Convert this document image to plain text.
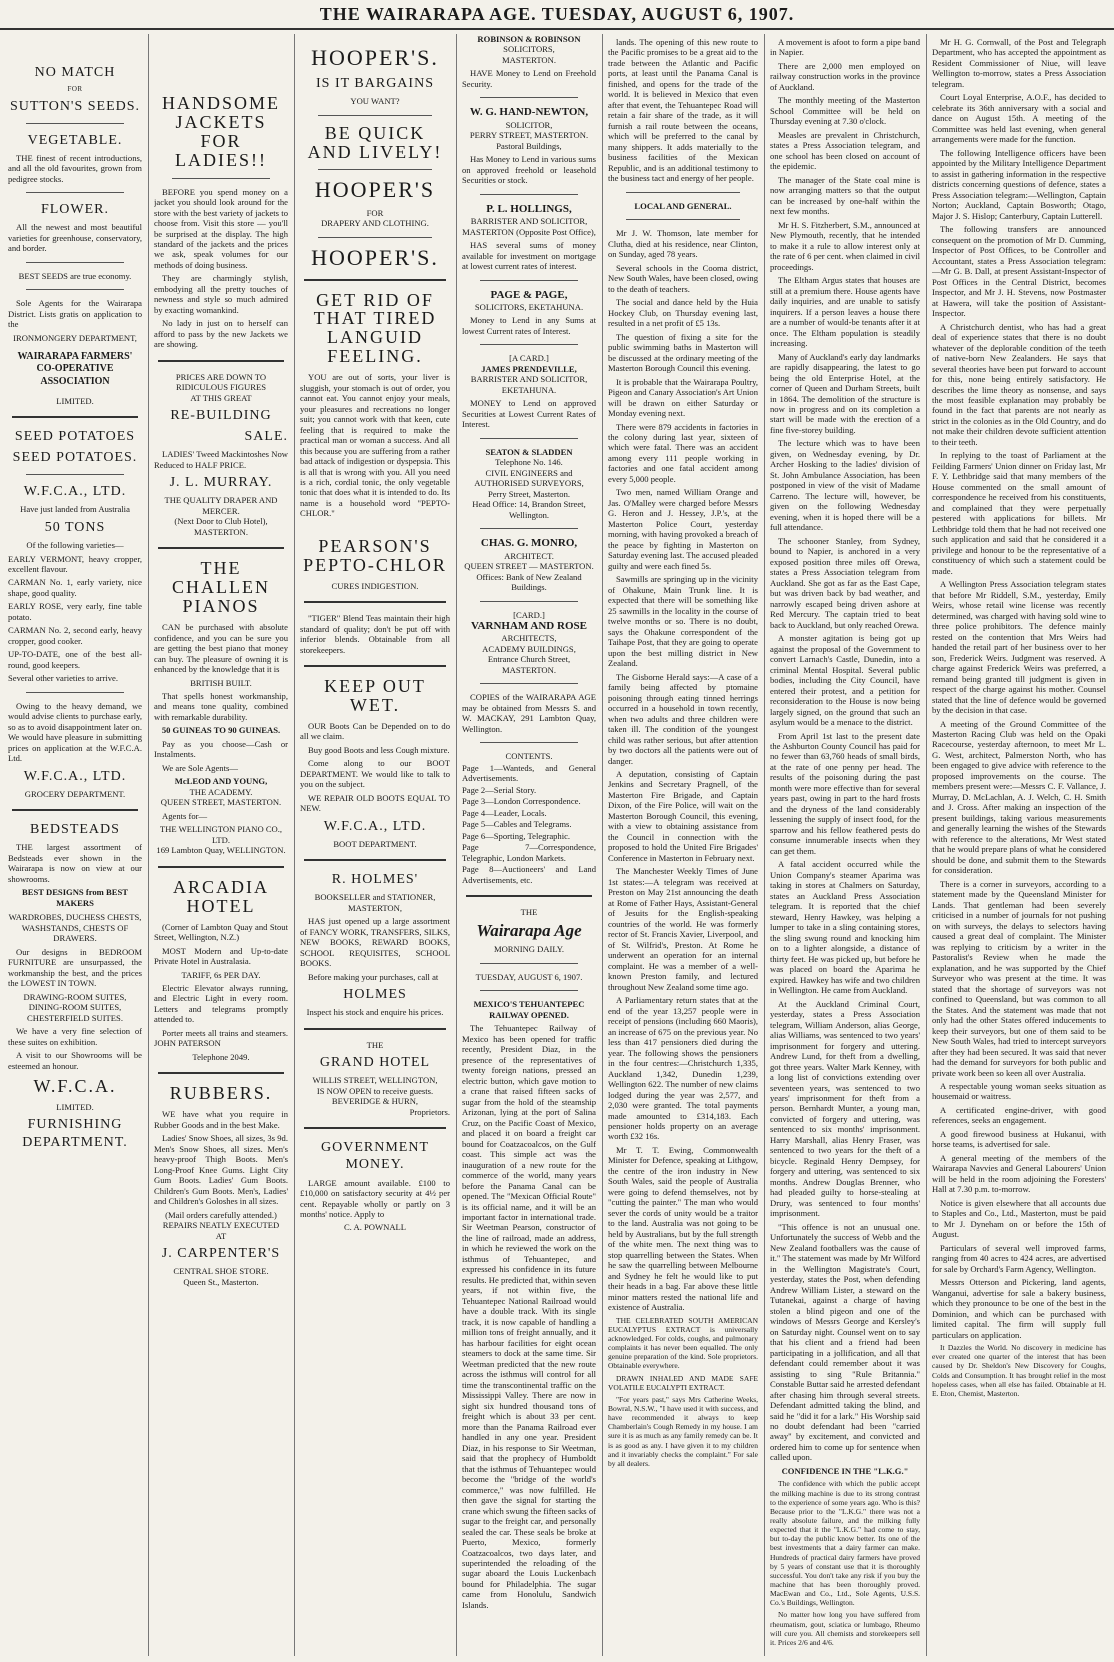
THE WAIRARAPA AGE. TUESDAY, AUGUST 6, 1907.
NO MATCH
FOR
SUTTON'S SEEDS.
VEGETABLE.

THE finest of recent introductions, and all the old favourites, grown from pedigree stocks.

FLOWER.

All the newest and most beautiful varieties for greenhouse, conservatory, and border.

BEST SEEDS are true economy.

Sole Agents for the Wairarapa District. Lists gratis on application to the

IRONMONGERY DEPARTMENT,
WAIRARAPA FARMERS' CO-OPERATIVE ASSOCIATION
LIMITED.
SEED POTATOES
SEED POTATOES.
W.F.C.A., LTD.
Have just landed from Australia
50 TONS
Of the following varieties—

EARLY VERMONT, heavy cropper, excellent flavour.

CARMAN No. 1, early variety, nice shape, good quality.

EARLY ROSE, very early, fine table potato.

CARMAN No. 2, second early, heavy cropper, good cooker.

UP-TO-DATE, one of the best all-round, good keepers.

Several other varieties to arrive.

Owing to the heavy demand, we would advise clients to purchase early, so as to avoid disappointment later on. We would have pleasure in submitting prices on application at the W.F.C.A. Ltd.

W.F.C.A., LTD.
GROCERY DEPARTMENT.
BEDSTEADS

THE largest assortment of Bedsteads ever shown in the Wairarapa is now on view at our showrooms.

BEST DESIGNS from BEST MAKERS
WARDROBES, DUCHESS CHESTS, WASHSTANDS, CHESTS OF DRAWERS.

Our designs in BEDROOM FURNITURE are unsurpassed, the workmanship the best, and the prices the LOWEST IN TOWN.

DRAWING-ROOM SUITES, DINING-ROOM SUITES, CHESTERFIELD SUITES.

We have a very fine selection of these suites on exhibition.

A visit to our Showrooms will be esteemed an honour.

W.F.C.A.
LIMITED.
FURNISHING DEPARTMENT.
HANDSOME JACKETS FOR LADIES!!

BEFORE you spend money on a jacket you should look around for the store with the best variety of jackets to choose from. Visit this store — you'll be surprised at the display. The high standard of the jackets and the prices we ask, speak volumes for our methods of doing business.

They are charmingly stylish, embodying all the pretty touches of newness and style so much admired by exacting womankind.

No lady in just on to herself can afford to pass by the new Jackets we are showing.

PRICES ARE DOWN TO
RIDICULOUS FIGURES
AT THIS GREAT
RE-BUILDING
SALE.

LADIES' Tweed Mackintoshes Now Reduced to HALF PRICE.

J. L. MURRAY.
THE QUALITY DRAPER AND MERCER.
(Next Door to Club Hotel), MASTERTON.
THE CHALLEN PIANOS

CAN be purchased with absolute confidence, and you can be sure you are getting the best piano that money can buy. The pleasure of owning it is enhanced by the knowledge that it is

BRITISH BUILT.

That spells honest workmanship, and means tone quality, combined with remarkable durability.

50 GUINEAS TO 90 GUINEAS.

Pay as you choose—Cash or Instalments.

We are Sole Agents—

McLEOD AND YOUNG,
THE ACADEMY.
QUEEN STREET, MASTERTON.

Agents for—

THE WELLINGTON PIANO CO., LTD.
169 Lambton Quay, WELLINGTON.
ARCADIA HOTEL

(Corner of Lambton Quay and Stout Street, Wellington, N.Z.)

MOST Modern and Up-to-date Private Hotel in Australasia.

TARIFF, 6s PER DAY.

Electric Elevator always running, and Electric Light in every room. Letters and telegrams promptly attended to.

Porter meets all trains and steamers. JOHN PATERSON

Telephone 2049.
RUBBERS.

WE have what you require in Rubber Goods and in the best Make.

Ladies' Snow Shoes, all sizes, 3s 9d. Men's Snow Shoes, all sizes. Men's heavy-proof Thigh Boots. Men's Long-Proof Knee Gums. Light City Gum Boots. Ladies' Gum Boots. Children's Gum Boots. Men's, Ladies' and Children's Goloshes in all sizes.

(Mail orders carefully attended.)
REPAIRS NEATLY EXECUTED
AT
J. CARPENTER'S
CENTRAL SHOE STORE.
Queen St., Masterton.
HOOPER'S.
IS IT BARGAINS
YOU WANT?
BE QUICK AND LIVELY!
HOOPER'S
FOR
DRAPERY AND CLOTHING.
HOOPER'S.
GET RID OF THAT TIRED LANGUID FEELING.

YOU are out of sorts, your liver is sluggish, your stomach is out of order, you cannot eat. You cannot enjoy your meals, your pleasures and recreations no longer suit; you cannot work with that keen, cute feeling that is required to make the practical man or woman a success. And all this because you are suffering from a rather bad attack of indigestion or dyspepsia. This is all that is wrong with you. All you need is a rich, cordial tonic, the only vegetable tonic that does what it is intended to do. Its name is a household word "PEPTO-CHLOR."

PEARSON'S PEPTO-CHLOR
CURES INDIGESTION.

"TIGER" Blend Teas maintain their high standard of quality; don't be put off with inferior blends. Obtainable from all storekeepers.

KEEP OUT WET.

OUR Boots Can be Depended on to do all we claim.

Buy good Boots and less Cough mixture.

Come along to our BOOT DEPARTMENT. We would like to talk to you on the subject.

WE REPAIR OLD BOOTS EQUAL TO NEW.

W.F.C.A., LTD.
BOOT DEPARTMENT.
R. HOLMES'
BOOKSELLER and STATIONER,
MASTERTON,

HAS just opened up a large assortment of FANCY WORK, TRANSFERS, SILKS, NEW BOOKS, REWARD BOOKS, SCHOOL REQUISITES, SCHOOL BOOKS.

Before making your purchases, call at

HOLMES
Inspect his stock and enquire his prices.
THE
GRAND HOTEL
WILLIS STREET, WELLINGTON,
IS NOW OPEN to receive guests.
BEVERIDGE & HURN,
Proprietors.
GOVERNMENT MONEY.

LARGE amount available. £100 to £10,000 on satisfactory security at 4½ per cent. Repayable wholly or partly on 3 months' notice. Apply to

C. A. POWNALL
ROBINSON & ROBINSON
SOLICITORS,
MASTERTON.

HAVE Money to Lend on Freehold Security.

W. G. HAND-NEWTON,
SOLICITOR,
PERRY STREET, MASTERTON. Pastoral Buildings,

Has Money to Lend in various sums on approved freehold or leasehold Securities or stock.

P. L. HOLLINGS,
BARRISTER AND SOLICITOR,
MASTERTON (Opposite Post Office),

HAS several sums of money available for investment on mortgage at lowest current rates of interest.

PAGE & PAGE,
SOLICITORS, EKETAHUNA.

Money to Lend in any Sums at lowest Current rates of Interest.

[A CARD.]
JAMES PRENDEVILLE,
BARRISTER AND SOLICITOR,
EKETAHUNA.

MONEY to Lend on approved Securities at Lowest Current Rates of Interest.

SEATON & SLADDEN
Telephone No. 146.
CIVIL ENGINEERS and AUTHORISED SURVEYORS,
Perry Street, Masterton.
Head Office: 14, Brandon Street, Wellington.
CHAS. G. MONRO,
ARCHITECT.
QUEEN STREET — MASTERTON.
Offices: Bank of New Zealand Buildings.
[CARD.]
VARNHAM AND ROSE
ARCHITECTS,
ACADEMY BUILDINGS,
Entrance Church Street, MASTERTON.

COPIES of the WAIRARAPA AGE may be obtained from Messrs S. and W. MACKAY, 291 Lambton Quay, Wellington.

CONTENTS.
Page 1—Wanteds, and General Advertisements.
Page 2—Serial Story.
Page 3—London Correspondence.
Page 4—Leader, Locals.
Page 5—Cables and Telegrams.
Page 6—Sporting, Telegraphic.
Page 7—Correspondence, Telegraphic, London Markets.
Page 8—Auctioneers' and Land Advertisements, etc.
THE
Wairarapa Age
MORNING DAILY.
TUESDAY, AUGUST 6, 1907.
MEXICO'S TEHUANTEPEC RAILWAY OPENED.

The Tehuantepec Railway of Mexico has been opened for traffic recently, President Diaz, in the presence of the representatives of twenty foreign nations, pressed an electric button, which gave motion to a crane that raised fifteen sacks of sugar from the hold of the steamship Arizonan, lying at the port of Salina Cruz, on the Pacific Coast of Mexico, and placed it on board a freight car bound for Coatzacoalcos, on the Gulf coast. This simple act was the inauguration of a new route for the commerce of the world, many years before the Panama Canal can be opened. The "Mexican Official Route" is its official name, and it will be an important factor in international trade. Sir Weetman Pearson, constructor of the line of railroad, made an address, in which he reviewed the work on the isthmus of Tehuantepec, and expressed his confidence in its future results. He predicted that, within seven years, if not within five, the Tehuantepec National Railroad would have a double track. With its single track, it is now capable of handling a million tons of freight annually, and it has harbour facilities for eight ocean steamers to dock at the same time. Sir Weetman predicted that the new route across the isthmus will control for all time the transcontinental traffic on the Mississippi Valley. There are now in sight six hundred thousand tons of freight which is about 33 per cent. more than the Panama Railroad ever handled in any one year. President Diaz, in his response to Sir Weetman, said that the prophecy of Humboldt that the isthmus of Tehuantepec would become the "bridge of the world's commerce," was now fulfilled. He then gave the signal for starting the crane which swung the fifteen sacks of sugar to the freight car, and personally sealed the car. These seals be broke at Puerto, Mexico, formerly Coatzacoalcos, two days later, and superintended the reloading of the sugar aboard the Louis Luckenbach bound for Philadelphia. The sugar came from Honolulu, Sandwich Islands.

lands. The opening of this new route to the Pacific promises to be a great aid to the trade between the Atlantic and Pacific ports, at least until the Panama Canal is finished, and opens for the trade of the world. It is believed in Mexico that even after that event, the Tehuantepec Road will retain a fair share of the trade, as it will furnish a rail route between the oceans, which will be preferred to the canal by many shippers. It adds materially to the business facilities of the Mexican Republic, and is an additional testimony to the business tact and energy of her people.

LOCAL AND GENERAL.

Mr J. W. Thomson, late member for Clutha, died at his residence, near Clinton, on Sunday, aged 78 years.

Several schools in the Cooma district, New South Wales, have been closed, owing to the death of teachers.

The social and dance held by the Huia Hockey Club, on Thursday evening last, resulted in a net profit of £5 13s.

The question of fixing a site for the public swimming baths in Masterton will be discussed at the ordinary meeting of the Masterton Borough Council this evening.

It is probable that the Wairarapa Poultry, Pigeon and Canary Association's Art Union will be drawn on either Saturday or Monday evening next.

There were 879 accidents in factories in the colony during last year, sixteen of which were fatal. There was an accident among every 111 people working in factories and one fatal accident among every 5,000 people.

Two men, named William Orange and Jas. O'Malley were charged before Messrs G. Heron and J. Hessey, J.P.'s, at the Masterton Police Court, yesterday morning, with having provoked a breach of the peace by fighting in Masterton on Saturday evening last. The accused pleaded guilty and were each fined 5s.

Sawmills are springing up in the vicinity of Ohakune, Main Trunk line. It is expected that there will be something like 25 sawmills in the locality in the course of twelve months or so. There is no doubt, says the Ohakune correspondent of the Taihape Post, that they are going to operate upon the best milling district in New Zealand.

The Gisborne Herald says:—A case of a family being affected by ptomaine poisoning through eating tinned herrings occurred in a household in town recently, when two adults and three children were taken ill. The condition of the youngest child was rather serious, but after attention by two doctors all the patients were out of danger.

A deputation, consisting of Captain Jenkins and Secretary Pragnell, of the Masterton Fire Brigade, and Captain Dixon, of the Fire Police, will wait on the Masterton Borough Council, this evening, with a view to obtaining assistance from the Council in connection with the proposed to hold the United Fire Brigades' Conference in Masterton in February next.

The Manchester Weekly Times of June 1st states:—A telegram was received at Preston on May 21st announcing the death at Rome of Father Hays, Assistant-General of Jesuits for the English-speaking countries of the world. He was formerly rector of St. Francis Xavier, Liverpool, and of St. Wilfrid's, Preston. At Rome he underwent an operation for an internal complaint. He was a member of a well-known Preston family, and lectured throughout New Zealand some time ago.

A Parliamentary return states that at the end of the year 13,257 people were in receipt of pensions (including 660 Maoris), an increase of 675 on the previous year. No less than 417 pensioners died during the year. The following shows the pensioners in the four centres:—Christchurch 1,335, Auckland 1,342, Dunedin 1,239, Wellington 622. The number of new claims lodged during the year was 2,577, and 2,030 were granted. The total payments made amounted to £314,183. Each pensioner holds property on an average worth £32 16s.

Mr T. T. Ewing, Commonwealth Minister for Defence, speaking at Lithgow, the centre of the iron industry in New South Wales, said the people of Australia were going to defend themselves, not by "cutting the painter." The man who would sever the cords of unity would be a traitor to the land. Australia was not going to be held by Australians, but by the full strength of the white men. The next thing was to stop quarrelling between the States. When he saw the quarrelling between Melbourne and Sydney he felt he would like to put their heads in a bag. Far above these little minor matters rested the national life and existence of Australia.

THE CELEBRATED SOUTH AMERICAN EUCALYPTUS EXTRACT is universally acknowledged. For colds, coughs, and pulmonary complaints it has never been equalled. The only genuine preparation of the kind. Sole proprietors. Obtainable everywhere.

DRAWN INHALED AND MADE SAFE VOLATILE EUCALYPTI EXTRACT.

"For years past," says Mrs Catherine Weeks, Bowral, N.S.W., "I have used it with success, and have recommended it always to keep Chamberlain's Cough Remedy in my house. I am sure it is as much as any family remedy can be. It is as good as any. I have given it to my children and it invariably checks the complaint." For sale by all dealers.

A movement is afoot to form a pipe band in Napier.

There are 2,000 men employed on railway construction works in the province of Auckland.

The monthly meeting of the Masterton School Committee will be held on Thursday evening at 7.30 o'clock.

Measles are prevalent in Christchurch, states a Press Association telegram, and one school has been closed on account of the epidemic.

The manager of the State coal mine is now arranging matters so that the output can be increased by one-half within the next few months.

Mr H. S. Fitzherbert, S.M., announced at New Plymouth, recently, that he intended to make it a rule to allow interest only at the rate of 6 per cent. when claimed in civil proceedings.

The Eltham Argus states that houses are still at a premium there. House agents have daily inquiries, and are unable to satisfy inquirers. If a person leaves a house there are a number of would-be tenants after it at once. The Eltham population is steadily increasing.

Many of Auckland's early day landmarks are rapidly disappearing, the latest to go being the old Enterprise Hotel, at the corner of Queen and Durham Streets, built in 1864. The demolition of the structure is now in progress and on its completion a start will be made with the erection of a fine five-storey building.

The lecture which was to have been given, on Wednesday evening, by Dr. Archer Hosking to the ladies' division of St. John Ambulance Association, has been postponed in view of the visit of Madame Carreno. The lecture will, however, be given on the following Wednesday evening, when it is hoped there will be a full attendance.

The schooner Stanley, from Sydney, bound to Napier, is anchored in a very exposed position three miles off Orewa, states a Press Association telegram from Auckland. She got as far as the East Cape, but was driven back by bad weather, and narrowly escaped being driven ashore at Red Mercury. The captain tried to beat back to Auckland, but only reached Orewa.

A monster agitation is being got up against the proposal of the Government to convert Larnach's Castle, Dunedin, into a criminal Mental Hospital. Several public bodies, including the City Council, have entered their protest, and a petition for reconsideration to the House is now being largely signed, on the ground that such an asylum would be a menace to the district.

From April 1st last to the present date the Ashburton County Council has paid for no fewer than 63,760 heads of small birds, at the rate of one penny per head. The results of the poisoning during the past month were more effective than for several years past, owing in part to the hard frosts and the dryness of the land considerably lessening the supply of insect food, for the sparrow and his fellow feathered pests do consume innumerable insects when they can get them.

A fatal accident occurred while the Union Company's steamer Aparima was taking in stores at Chalmers on Saturday, states an Auckland Press Association telegram. It is reported that the chief steward, Henry Hawkey, was helping a lumper to take in a sling containing stores, the sling swung round and knocking him on to a lighter alongside, a distance of thirty feet. He was picked up, but before he was placed on board the Aparima he expired. Hawkey has wife and two children in Wellington. He came from Auckland.

At the Auckland Criminal Court, yesterday, states a Press Association telegram, William Anderson, alias George, alias Williams, was sentenced to two years' imprisonment for forgery and uttering. Andrew Lund, for theft from a dwelling, got three years. Walter Mark Kenney, with a long list of convictions extending over seventeen years, was sentenced to two years' imprisonment for theft from a person. Bernhardt Munter, a young man, convicted of forgery and uttering, was sentenced to six months' imprisonment. Harry Marshall, alias Henry Fraser, was sentenced to two years for the theft of a bicycle. Reginald Henry Dempsey, for forgery and uttering, was sentenced to six months. Andrew Douglas Brenner, who had pleaded guilty to horse-stealing at Drury, was sentenced to four months' imprisonment.

"This offence is not an unusual one. Unfortunately the success of Webb and the New Zealand footballers was the cause of it." The statement was made by Mr Wilford in the Wellington Magistrate's Court, yesterday, states the Post, when defending Andrew William Lister, a steward on the Tutanekai, against a charge of having stolen a blind pigeon and one of the windows of Messrs George and Kersley's on Saturday night. Counsel went on to say that his client and a friend had been participating in a jollification, and all that defendant could remember about it was assisting to sing "Rule Britannia." Constable Buttar said he arrested defendant after chasing him through several streets. Defendant admitted taking the blind, and said he "did it for a lark." His Worship said no doubt defendant had been "carried away" by excitement, and convicted and ordered him to come up for sentence when called upon.

CONFIDENCE IN THE "L.K.G."

The confidence with which the public accept the milking machine is due to its strong contrast to the experience of some years ago. Who is this? Because prior to the "L.K.G." there was not a really absolute failure, and the milking fully expected that it the "L.K.G." had come to stay, but to-day the public know better. Its one of the best investments that a dairy farmer can make. Hundreds of practical dairy farmers have proved by 5 years of constant use that it is thoroughly successful. You don't take any risk if you buy the machine that has been thoroughly proved. MacEwan and Co., Ltd., Sole Agents, U.S.S. Co.'s Buildings, Wellington.

No matter how long you have suffered from rheumatism, gout, sciatica or lumbago, Rheumo will cure you. All chemists and storekeepers sell it. Prices 2/6 and 4/6.

Mr H. G. Cornwall, of the Post and Telegraph Department, who has accepted the appointment as Resident Commissioner of Niue, will leave Wellington to-morrow, states a Press Association telegram.

Court Loyal Enterprise, A.O.F., has decided to celebrate its 36th anniversary with a social and dance on August 15th. A meeting of the Committee was held last evening, when general arrangements were made for the function.

The following Intelligence officers have been appointed by the Military Intelligence Department to assist in gathering information in the respective districts concerning questions of defence, states a Press Association telegram:—Wellington, Captain Norton; Auckland, Captain Bosworth; Otago, Major J. S. Hislop; Canterbury, Captain Lutterell.

The following transfers are announced consequent on the promotion of Mr D. Cumming, Inspector of Post Offices, to be Controller and Accountant, states a Press Association telegram:—Mr G. B. Dall, at present Assistant-Inspector of Post Offices in the Central District, becomes Inspector, and Mr J. H. Stevens, now Postmaster at Hawera, will take the position of Assistant-Inspector.

A Christchurch dentist, who has had a great deal of experience states that there is no doubt whatever of the deplorable condition of the teeth of native-born New Zealanders. He says that several theories have been put forward to account for this, none being entirely satisfactory. He describes the lime theory as nonsense, and says the most feasible explanation may probably be found in the fact that parents are not nearly as strict in the colonies as in the Old Country, and do not make their children devote sufficient attention to their teeth.

In replying to the toast of Parliament at the Feilding Farmers' Union dinner on Friday last, Mr F. Y. Lethbridge said that many members of the House commented on the small amount of correspondence he received from his constituents, and complained that they were perpetually pestered with applications for billets. Mr Lethbridge told them that he had not received one such application and said that he considered it a privilege and honour to be the representative of a constituency of which such a statement could be made.

A Wellington Press Association telegram states that before Mr Riddell, S.M., yesterday, Emily Weirs, whose retail wine license was recently determined, was charged with having sold wine to three police prohibitors. The defence mainly rested on the contention that Mrs Weirs had handed the retail part of her business over to her son, Frederick Weirs. Judgment was reserved. A charge against Frederick Weirs was preferred, a remand being granted till judgment is given in respect of the charge against his mother. Counsel stated that the line of defence would be governed by the decision in that case.

A meeting of the Ground Committee of the Masterton Racing Club was held on the Opaki Racecourse, yesterday afternoon, to meet Mr L. G. West, architect, Palmerston North, who has been engaged to give advice with reference to the proposed improvements on the course. The members present were:—Messrs C. F. Vallance, J. Murray, D. McLachlan, A. J. Welch, C. H. Smith and J. Cross. After making an inspection of the present buildings, taking various measurements and generally learning the wishes of the Stewards with reference to the alterations, Mr West stated that he would prepare plans of what he considered should be done, and submit them to the Stewards for consideration.

There is a corner in surveyors, according to a statement made by the Queensland Minister for Lands. That gentleman had been severely criticised in a number of journals for not pushing on with surveys, the delays to selectors having caused a great deal of complaint. The Minister was replying to criticism by a writer in the Pastoralist's Review when he made the explanation, and he was supported by the Chief Surveyor who was present at the time. It was stated that the shortage of surveyors was not confined to Queensland, but was common to all the States. And the statement was made that not only had the other States offered inducements to keep their surveyors, but one of them said to be New South Wales, had tried to intercept surveyors after they had been secured. It was said that never had the demand for surveyors for both public and private work been so keen all over Australia.

A respectable young woman seeks situation as housemaid or waitress.

A certificated engine-driver, with good references, seeks an engagement.

A good firewood business at Hukanui, with horse teams, is advertised for sale.

A general meeting of the members of the Wairarapa Navvies and General Labourers' Union will be held in the room adjoining the Foresters' Hall at 7.30 p.m. to-morrow.

Notice is given elsewhere that all accounts due to Staples and Co., Ltd., Masterton, must be paid to Mr J. Dyneham on or before the 15th of August.

Particulars of several well improved farms, ranging from 40 acres to 424 acres, are advertised for sale by Orchard's Farm Agency, Wellington.

Messrs Otterson and Pickering, land agents, Wanganui, advertise for sale a bakery business, which they pronounce to be one of the best in the Dominion, and which can be purchased with limited capital. The firm will supply full particulars on application.

It Dazzles the World. No discovery in medicine has ever created one quarter of the interest that has been caused by Dr. Sheldon's New Discovery for Coughs, Colds and Consumption. It has brought relief in the most hopeless cases, when all else has failed. Obtainable at H. E. Eton, Chemist, Masterton.
